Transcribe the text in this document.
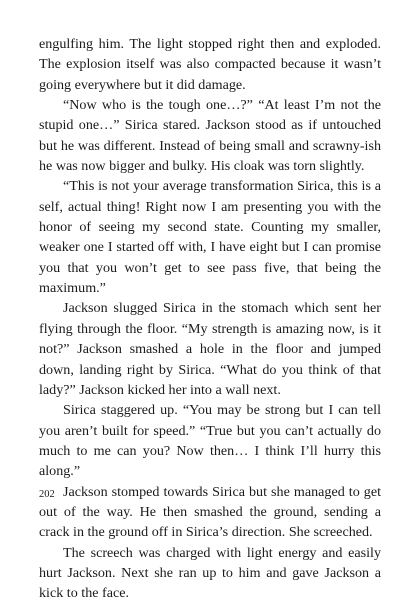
engulfing him. The light stopped right then and exploded. The explosion itself was also compacted because it wasn’t going everywhere but it did damage.

“Now who is the tough one…?” “At least I’m not the stupid one…” Sirica stared. Jackson stood as if untouched but he was different. Instead of being small and scrawny-ish he was now bigger and bulky. His cloak was torn slightly.

“This is not your average transformation Sirica, this is a self, actual thing! Right now I am presenting you with the honor of seeing my second state. Counting my smaller, weaker one I started off with, I have eight but I can promise you that you won’t get to see pass five, that being the maximum.”

Jackson slugged Sirica in the stomach which sent her flying through the floor. “My strength is amazing now, is it not?” Jackson smashed a hole in the floor and jumped down, landing right by Sirica. “What do you think of that lady?” Jackson kicked her into a wall next.

Sirica staggered up. “You may be strong but I can tell you aren’t built for speed.” “True but you can’t actually do much to me can you? Now then… I think I’ll hurry this along.”

Jackson stomped towards Sirica but she managed to get out of the way. He then smashed the ground, sending a crack in the ground off in Sirica’s direction. She screeched.

The screech was charged with light energy and easily hurt Jackson. Next she ran up to him and gave Jackson a kick to the face.

202
